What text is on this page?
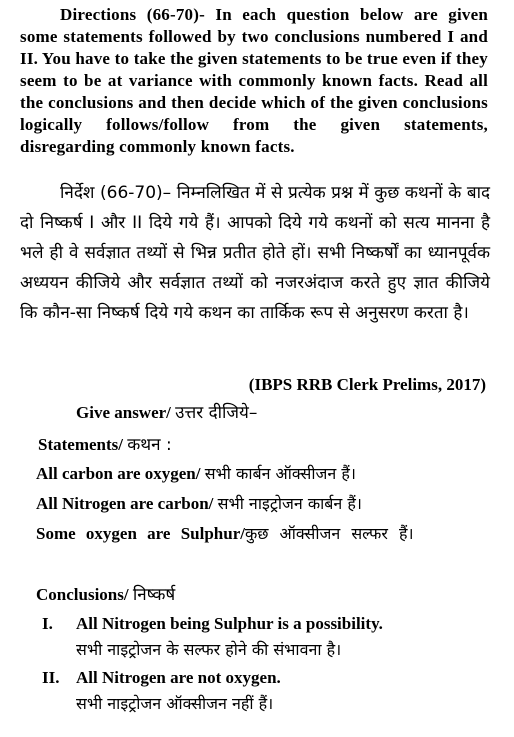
Directions (66-70)- In each question below are given some statements followed by two conclusions numbered I and II. You have to take the given statements to be true even if they seem to be at variance with commonly known facts. Read all the conclusions and then decide which of the given conclusions logically follows/follow from the given statements, disregarding commonly known facts.
निर्देश (66-70)– निम्नलिखित में से प्रत्येक प्रश्न में कुछ कथनों के बाद दो निष्कर्ष I और II दिये गये हैं। आपको दिये गये कथनों को सत्य मानना है भले ही वे सर्वज्ञात तथ्यों से भिन्न प्रतीत होते हों। सभी निष्कर्षों का ध्यानपूर्वक अध्ययन कीजिये और सर्वज्ञात तथ्यों को नजरअंदाज करते हुए ज्ञात कीजिये कि कौन-सा निष्कर्ष दिये गये कथन का तार्किक रूप से अनुसरण करता है।
(IBPS RRB Clerk Prelims, 2017)
Give answer/ उत्तर दीजिये–
Statements/ कथन :
All carbon are oxygen/ सभी कार्बन ऑक्सीजन हैं।
All Nitrogen are carbon/ सभी नाइट्रोजन कार्बन हैं।
Some oxygen are Sulphur/कुछ ऑक्सीजन सल्फर हैं।
Conclusions/ निष्कर्ष
I. All Nitrogen being Sulphur is a possibility.
सभी नाइट्रोजन के सल्फर होने की संभावना है।
II. All Nitrogen are not oxygen.
सभी नाइट्रोजन ऑक्सीजन नहीं हैं।
